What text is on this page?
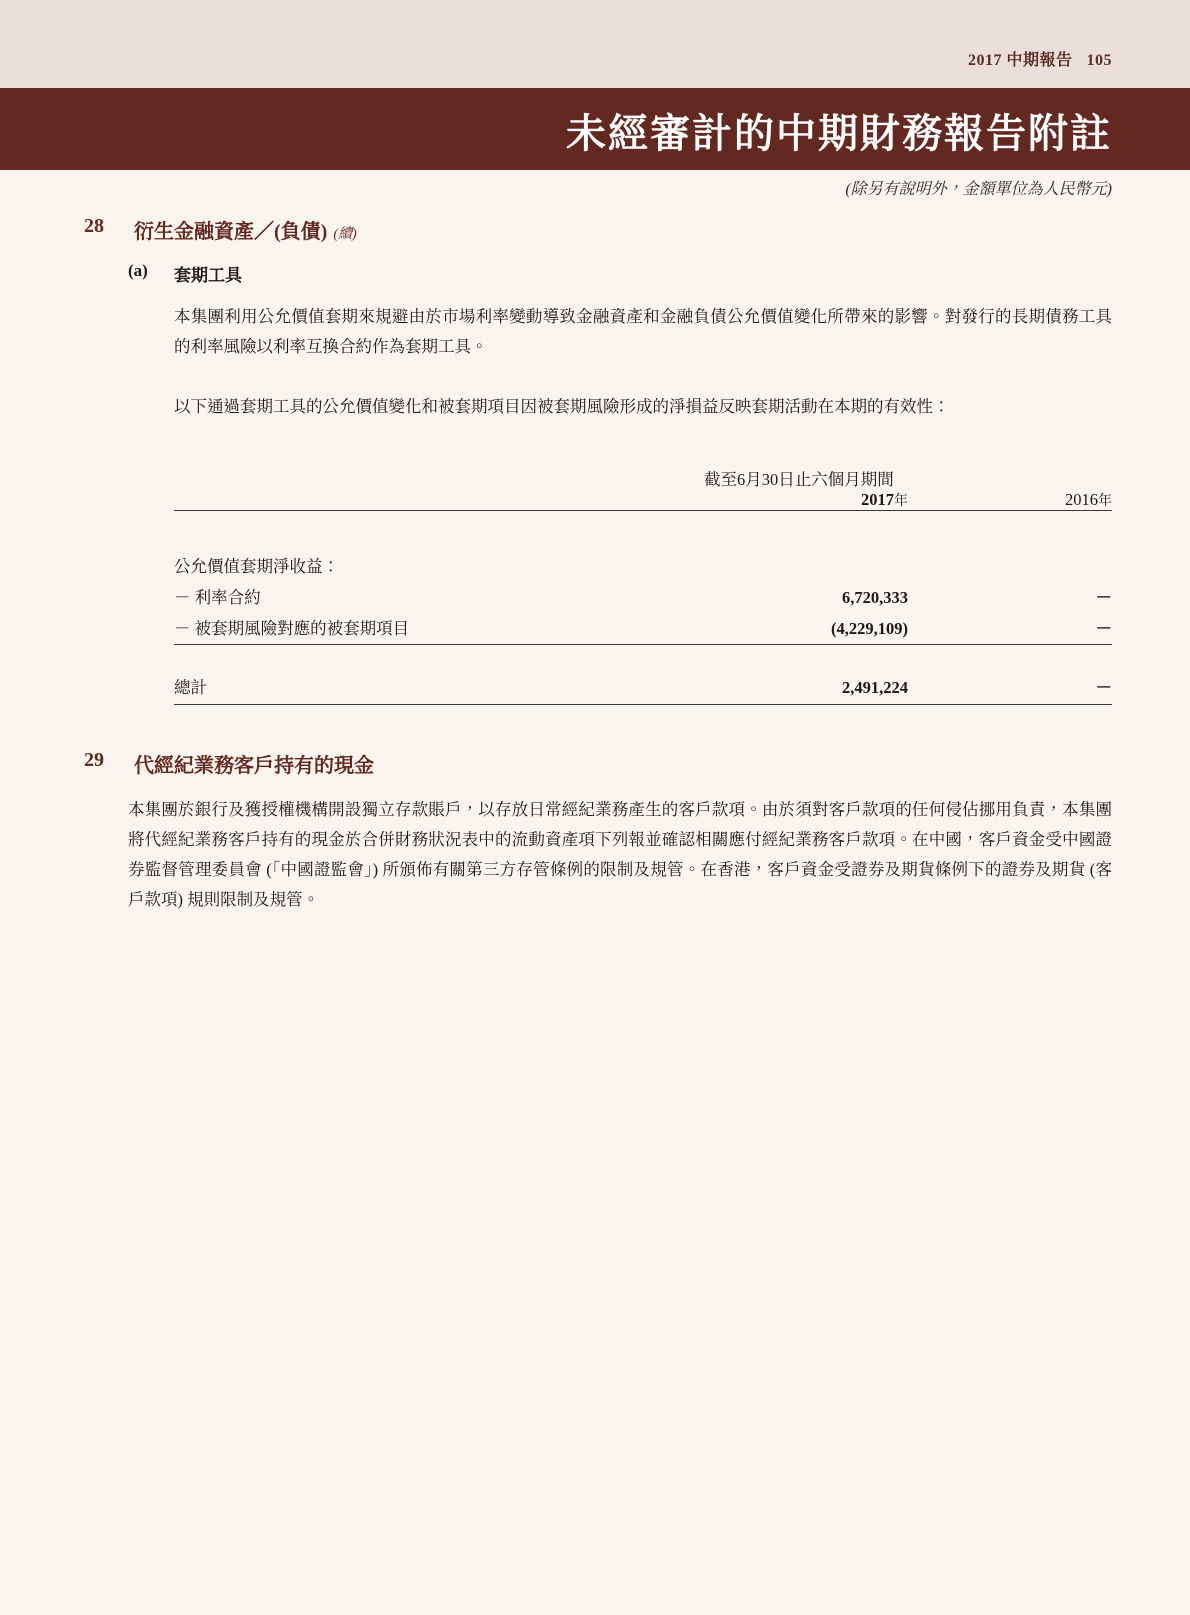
2017 中期報告 105
未經審計的中期財務報告附註
(除另有說明外，金額單位為人民幣元)
28 衍生金融資產／(負債) (續)
(a) 套期工具

本集團利用公允價值套期來規避由於市場利率變動導致金融資產和金融負債公允價值變化所帶來的影響。對發行的長期債務工具的利率風險以利率互換合約作為套期工具。

以下通過套期工具的公允價值變化和被套期項目因被套期風險形成的淨損益反映套期活動在本期的有效性：

	截至6月30日止六個月期間	
	2017年	2016年

公允價值套期淨收益：		
－ 利率合約	6,720,333	－
－ 被套期風險對應的被套期項目	(4,229,109)	－

總計	2,491,224	－

29 代經紀業務客戶持有的現金

本集團於銀行及獲授權機構開設獨立存款賬戶，以存放日常經紀業務產生的客戶款項。由於須對客戶款項的任何侵佔挪用負責，本集團將代經紀業務客戶持有的現金於合併財務狀況表中的流動資產項下列報並確認相關應付經紀業務客戶款項。在中國，客戶資金受中國證券監督管理委員會 (「中國證監會」) 所頒佈有關第三方存管條例的限制及規管。在香港，客戶資金受證券及期貨條例下的證券及期貨 (客戶款項) 規則限制及規管。
